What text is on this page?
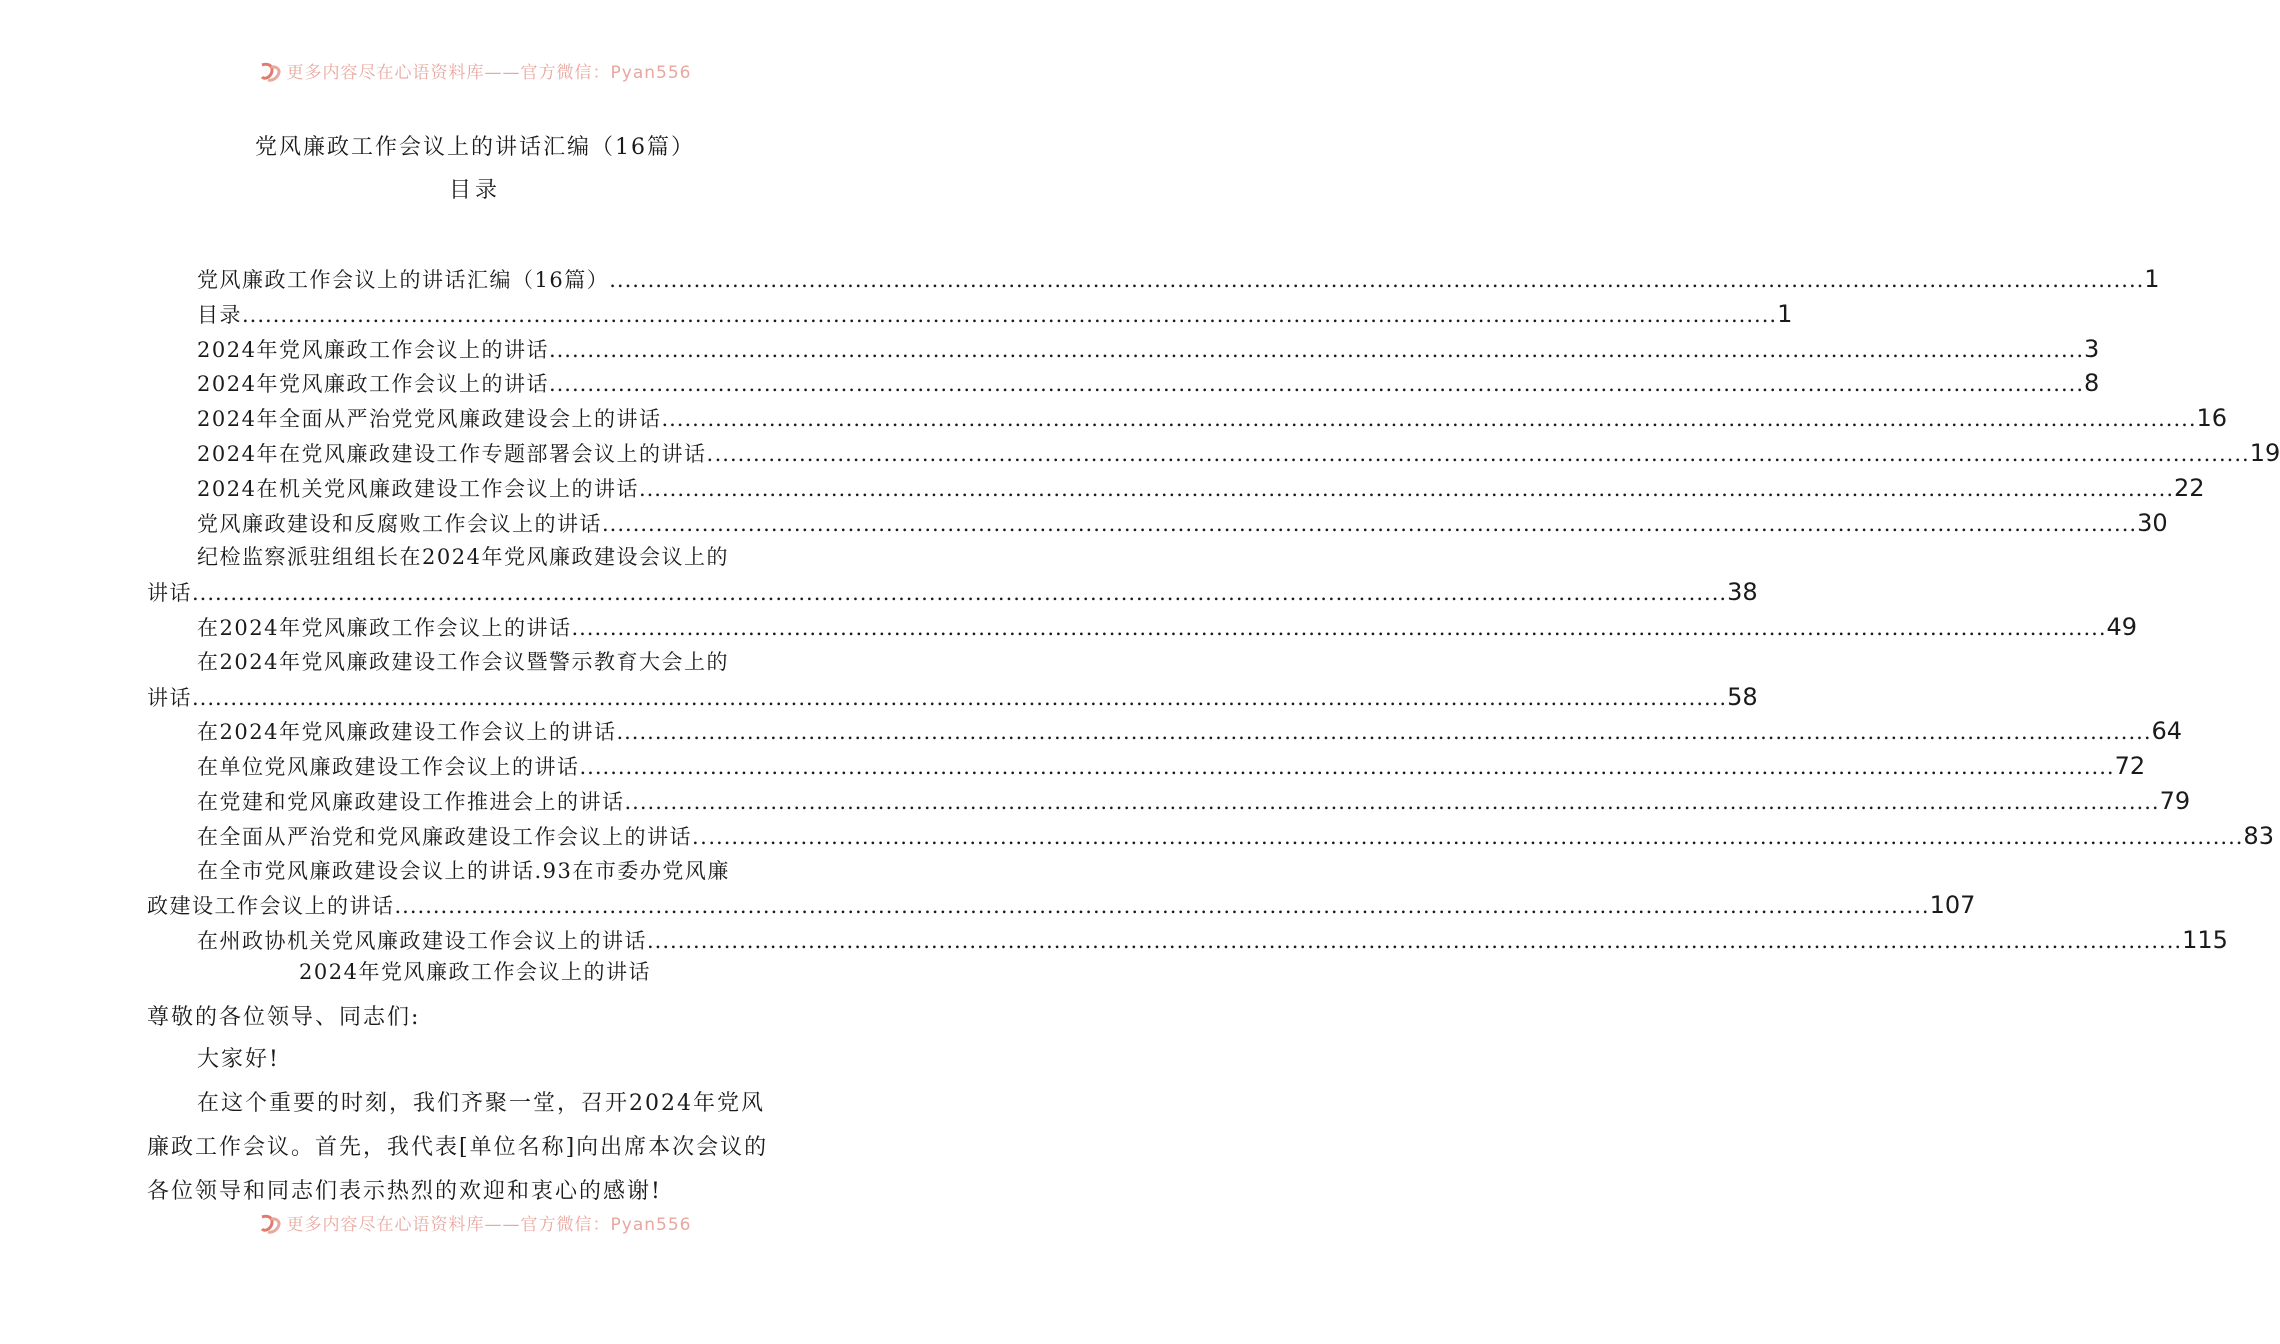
更多内容尽在心语资料库——官方微信：Pyan556
党风廉政工作会议上的讲话汇编（16篇）
目录
党风廉政工作会议上的讲话汇编（16篇） ........................................................................................................................................................................................................ 1
目录 ........................................................................................................................................................................................................ 1
2024年党风廉政工作会议上的讲话 ........................................................................................................................................................................................................ 3
2024年党风廉政工作会议上的讲话 ........................................................................................................................................................................................................ 8
2024年全面从严治党党风廉政建设会上的讲话 ........................................................................................................................................................................................................ 16
2024年在党风廉政建设工作专题部署会议上的讲话. ........................................................................................................................................................................................................ 19
2024在机关党风廉政建设工作会议上的讲话 ........................................................................................................................................................................................................ 22
党风廉政建设和反腐败工作会议上的讲话 ........................................................................................................................................................................................................ 30
纪检监察派驻组组长在2024年党风廉政建设会议上的
讲话 ........................................................................................................................................................................................................ 38
在2024年党风廉政工作会议上的讲话 ........................................................................................................................................................................................................ 49
在2024年党风廉政建设工作会议暨警示教育大会上的
讲话 ........................................................................................................................................................................................................ 58
在2024年党风廉政建设工作会议上的讲话 ........................................................................................................................................................................................................ 64
在单位党风廉政建设工作会议上的讲话 ........................................................................................................................................................................................................ 72
在党建和党风廉政建设工作推进会上的讲话 ........................................................................................................................................................................................................ 79
在全面从严治党和党风廉政建设工作会议上的讲话.. ........................................................................................................................................................................................................ 83
在全市党风廉政建设会议上的讲话.93在市委办党风廉
政建设工作会议上的讲话 ........................................................................................................................................................................................................ 107
在州政协机关党风廉政建设工作会议上的讲话 ........................................................................................................................................................................................................ 115
2024年党风廉政工作会议上的讲话
尊敬的各位领导、同志们:
大家好!
在这个重要的时刻，我们齐聚一堂，召开2024年党风
廉政工作会议。首先，我代表[单位名称]向出席本次会议的
各位领导和同志们表示热烈的欢迎和衷心的感谢!
更多内容尽在心语资料库——官方微信：Pyan556
